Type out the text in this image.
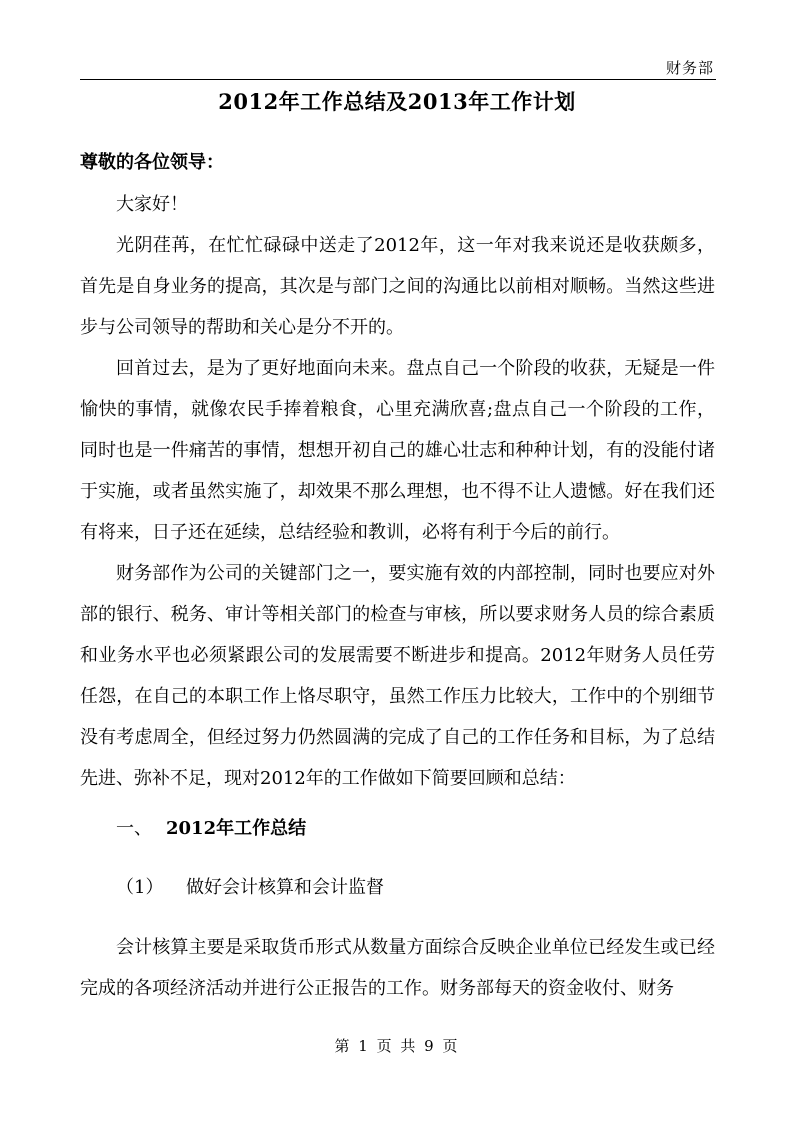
财务部
2012年工作总结及2013年工作计划
尊敬的各位领导：

大家好！

光阴荏苒，在忙忙碌碌中送走了2012年，这一年对我来说还是收获颇多，首先是自身业务的提高，其次是与部门之间的沟通比以前相对顺畅。当然这些进步与公司领导的帮助和关心是分不开的。

回首过去，是为了更好地面向未来。盘点自己一个阶段的收获，无疑是一件愉快的事情，就像农民手捧着粮食，心里充满欣喜;盘点自己一个阶段的工作，同时也是一件痛苦的事情，想想开初自己的雄心壮志和种种计划，有的没能付诸于实施，或者虽然实施了，却效果不那么理想，也不得不让人遗憾。好在我们还有将来，日子还在延续，总结经验和教训，必将有利于今后的前行。

财务部作为公司的关键部门之一，要实施有效的内部控制，同时也要应对外部的银行、税务、审计等相关部门的检查与审核，所以要求财务人员的综合素质和业务水平也必须紧跟公司的发展需要不断进步和提高。2012年财务人员任劳任怨，在自己的本职工作上恪尽职守，虽然工作压力比较大，工作中的个别细节没有考虑周全，但经过努力仍然圆满的完成了自己的工作任务和目标，为了总结先进、弥补不足，现对2012年的工作做如下简要回顾和总结：

一、 2012年工作总结
（1） 做好会计核算和会计监督

会计核算主要是采取货币形式从数量方面综合反映企业单位已经发生或已经完成的各项经济活动并进行公正报告的工作。财务部每天的资金收付、财务

第 1 页 共 9 页
